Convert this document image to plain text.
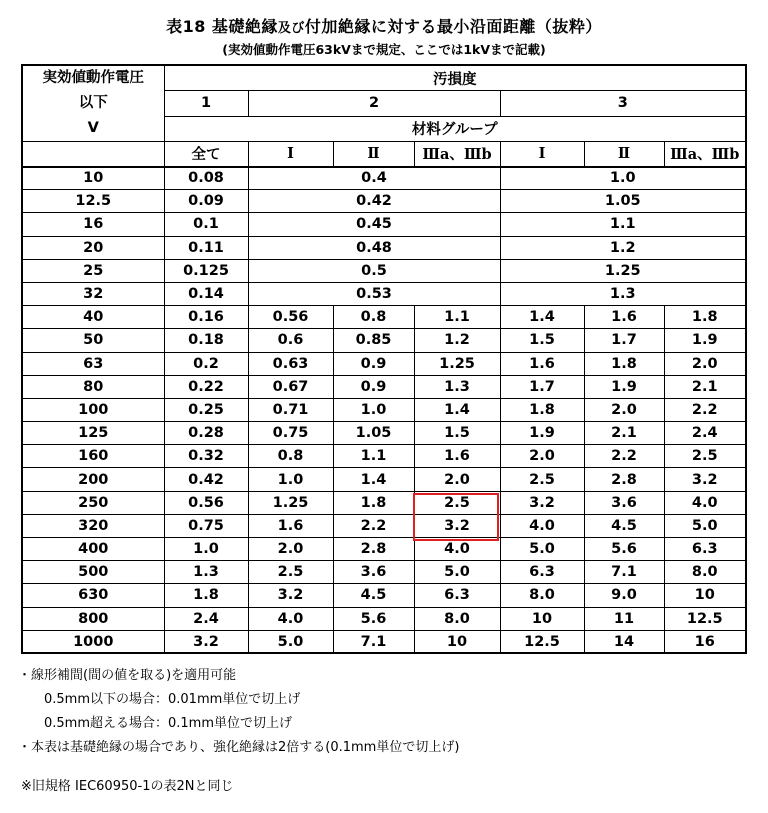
表18 基礎絶縁及び付加絶縁に対する最小沿面距離（抜粋）
(実効値動作電圧63kVまで規定、ここでは1kVまで記載)
実効値動作電圧
以下
V	汚損度						
	1	2			3		
	材料グループ						
	全て	Ⅰ	Ⅱ	Ⅲa、Ⅲb	Ⅰ	Ⅱ	Ⅲa、Ⅲb
10	0.08	0.4			1.0		
12.5	0.09	0.42			1.05		
16	0.1	0.45			1.1		
20	0.11	0.48			1.2		
25	0.125	0.5			1.25		
32	0.14	0.53			1.3		
40	0.16	0.56	0.8	1.1	1.4	1.6	1.8
50	0.18	0.6	0.85	1.2	1.5	1.7	1.9
63	0.2	0.63	0.9	1.25	1.6	1.8	2.0
80	0.22	0.67	0.9	1.3	1.7	1.9	2.1
100	0.25	0.71	1.0	1.4	1.8	2.0	2.2
125	0.28	0.75	1.05	1.5	1.9	2.1	2.4
160	0.32	0.8	1.1	1.6	2.0	2.2	2.5
200	0.42	1.0	1.4	2.0	2.5	2.8	3.2
250	0.56	1.25	1.8	2.5	3.2	3.6	4.0
320	0.75	1.6	2.2	3.2	4.0	4.5	5.0
400	1.0	2.0	2.8	4.0	5.0	5.6	6.3
500	1.3	2.5	3.6	5.0	6.3	7.1	8.0
630	1.8	3.2	4.5	6.3	8.0	9.0	10
800	2.4	4.0	5.6	8.0	10	11	12.5
1000	3.2	5.0	7.1	10	12.5	14	16
・線形補間(間の値を取る)を適用可能
0.5mm以下の場合：0.01mm単位で切上げ
0.5mm超える場合：0.1mm単位で切上げ
・本表は基礎絶縁の場合であり、強化絶縁は2倍する(0.1mm単位で切上げ)
※旧規格 IEC60950-1の表2Nと同じ
